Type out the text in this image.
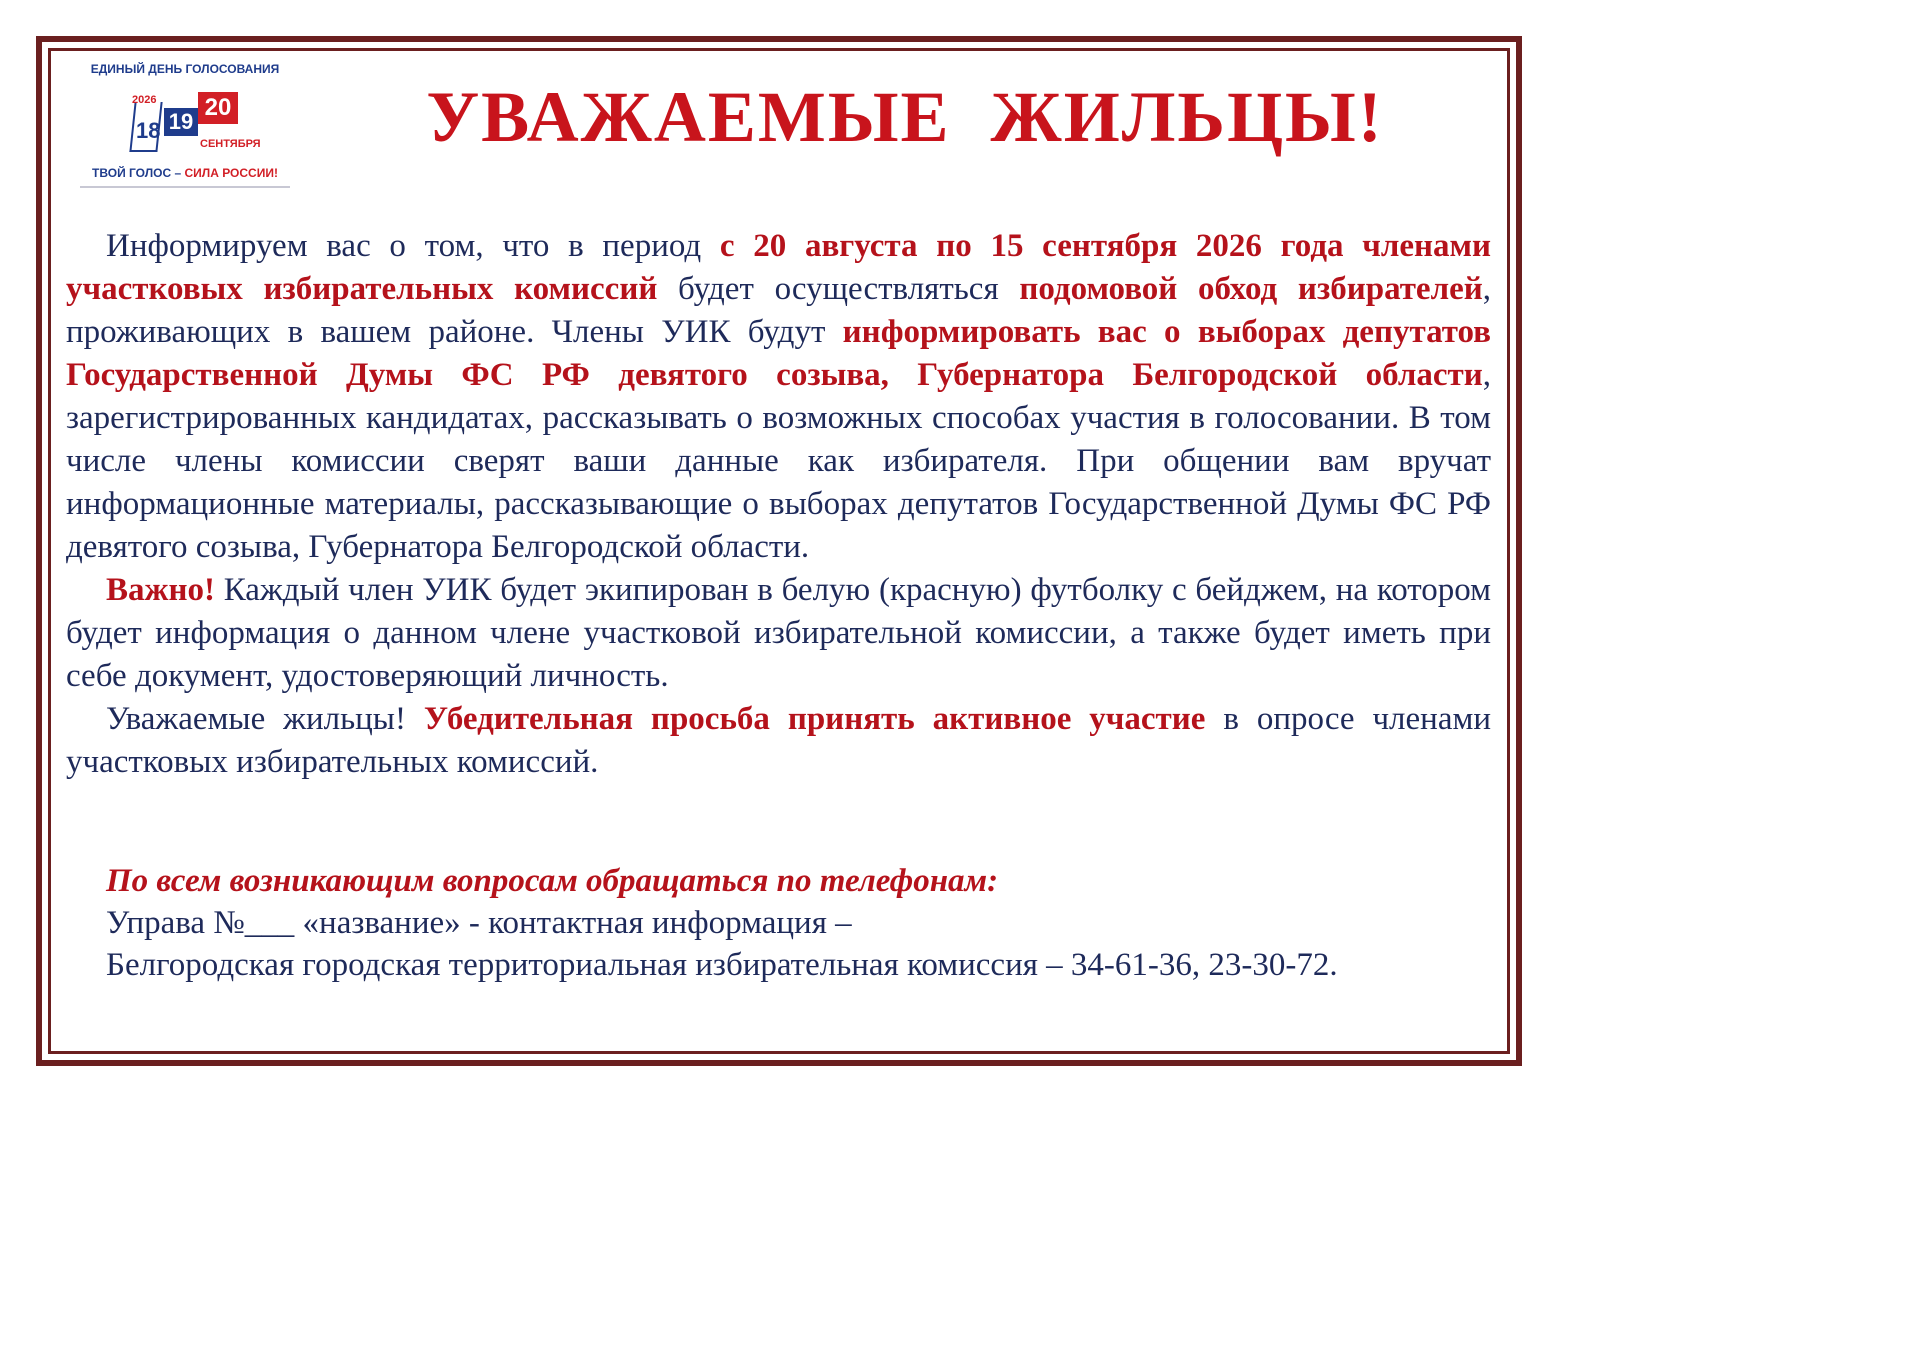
ЕДИНЫЙ ДЕНЬ ГОЛОСОВАНИЯ
2026
18 19
20
СЕНТЯБРЯ
ТВОЙ ГОЛОС – СИЛА РОССИИ!
УВАЖАЕМЫЕ  ЖИЛЬЦЫ!

Информируем вас о том, что в период с 20 августа по 15 сентября 2026 года членами участковых избирательных комиссий будет осуществляться подомовой обход избирателей, проживающих в вашем районе. Члены УИК будут информировать вас о выборах депутатов Государственной Думы ФС РФ девятого созыва, Губернатора Белгородской области, зарегистрированных кандидатах, рассказывать о возможных способах участия в голосовании. В том числе члены комиссии сверят ваши данные как избирателя. При общении вам вручат информационные материалы, рассказывающие о выборах депутатов Государственной Думы ФС РФ девятого созыва, Губернатора Белгородской области.

Важно! Каждый член УИК будет экипирован в белую (красную) футболку с бейджем, на котором будет информация о данном члене участковой избирательной комиссии, а также будет иметь при себе документ, удостоверяющий личность.

Уважаемые жильцы! Убедительная просьба принять активное участие в опросе членами участковых избирательных комиссий.

По всем возникающим вопросам обращаться по телефонам:
Управа №___ «название» - контактная информация –
Белгородская городская территориальная избирательная комиссия – 34-61-36, 23-30-72.
